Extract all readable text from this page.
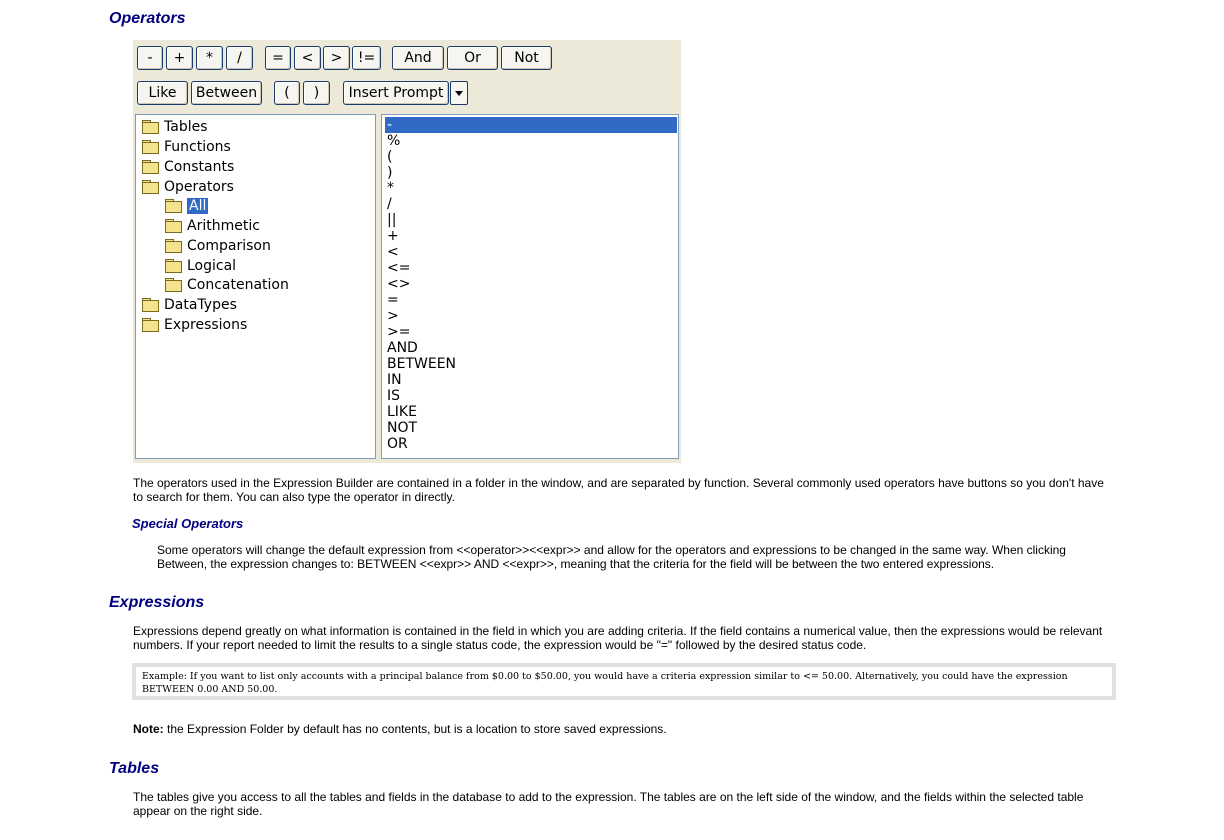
Operators
-	+	*	/	=	<	>	!=	And	Or	Not
Like	Between	(	)	Insert Prompt
Tables
Functions
Constants
Operators
All
Arithmetic
Comparison
Logical
Concatenation
DataTypes
Expressions
-
%
(
)
*
/
||
+
<
<=
<>
=
>
>=
AND
BETWEEN
IN
IS
LIKE
NOT
OR

The operators used in the Expression Builder are contained in a folder in the window, and are separated by function. Several commonly used operators have buttons so you don't have to search for them. You can also type the operator in directly.

Special Operators

Some operators will change the default expression from <<operator>><<expr>> and allow for the operators and expressions to be changed in the same way. When clicking Between, the expression changes to: BETWEEN <<expr>> AND <<expr>>, meaning that the criteria for the field will be between the two entered expressions.

Expressions

Expressions depend greatly on what information is contained in the field in which you are adding criteria. If the field contains a numerical value, then the expressions would be relevant numbers. If your report needed to limit the results to a single status code, the expression would be "=" followed by the desired status code.

Example: If you want to list only accounts with a principal balance from $0.00 to $50.00, you would have a criteria expression similar to <= 50.00. Alternatively, you could have the expression BETWEEN 0.00 AND 50.00.

Note: the Expression Folder by default has no contents, but is a location to store saved expressions.

Tables

The tables give you access to all the tables and fields in the database to add to the expression. The tables are on the left side of the window, and the fields within the selected table appear on the right side.
